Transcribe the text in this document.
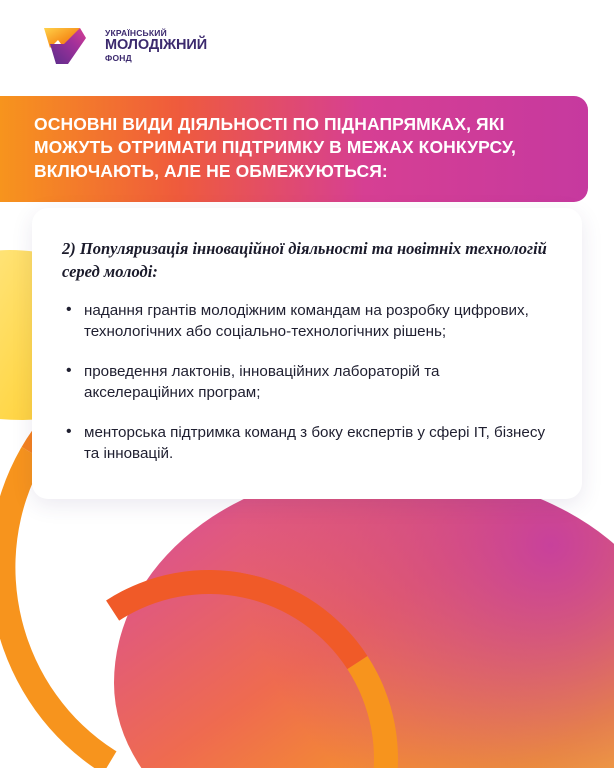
УКРАЇНСЬКИЙ
МОЛОДІЖНИЙ
ФОНД
ОСНОВНІ ВИДИ ДІЯЛЬНОСТІ ПО ПІДНАПРЯМКАХ, ЯКІ МОЖУТЬ ОТРИМАТИ ПІДТРИМКУ В МЕЖАХ КОНКУРСУ, ВКЛЮЧАЮТЬ, АЛЕ НЕ ОБМЕЖУЮТЬСЯ:

2) Популяризація інноваційної діяльності та новітніх технологій серед молоді:

• надання грантів молодіжним командам на розробку цифрових, технологічних або соціально-технологічних рішень;
• проведення лактонів, інноваційних лабораторій та акселераційних програм;
• менторська підтримка команд з боку експертів у сфері ІТ, бізнесу та інновацій.
